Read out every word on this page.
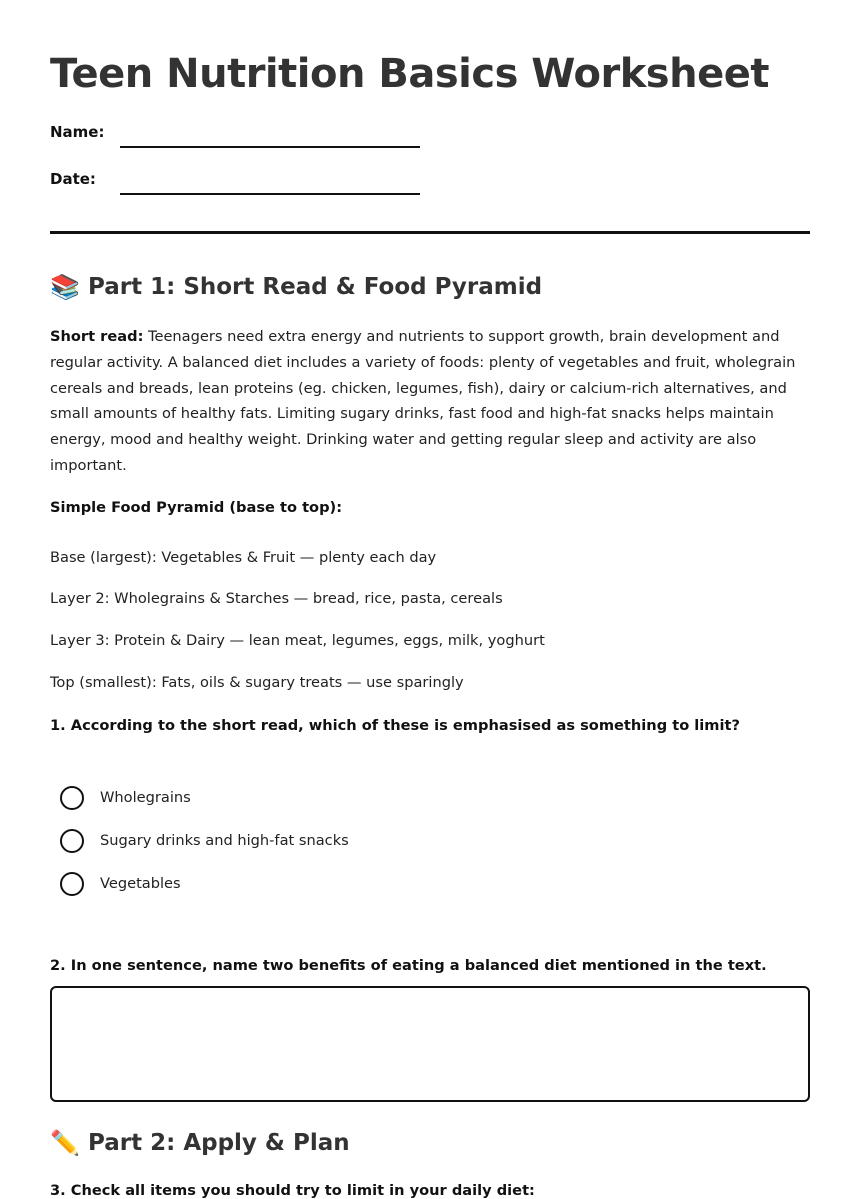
Teen Nutrition Basics Worksheet
Name:
Date:
📚 Part 1: Short Read & Food Pyramid

Short read: Teenagers need extra energy and nutrients to support growth, brain development and regular activity. A balanced diet includes a variety of foods: plenty of vegetables and fruit, wholegrain cereals and breads, lean proteins (eg. chicken, legumes, fish), dairy or calcium-rich alternatives, and small amounts of healthy fats. Limiting sugary drinks, fast food and high-fat snacks helps maintain energy, mood and healthy weight. Drinking water and getting regular sleep and activity are also important.

Simple Food Pyramid (base to top):

Base (largest): Vegetables & Fruit — plenty each day

Layer 2: Wholegrains & Starches — bread, rice, pasta, cereals

Layer 3: Protein & Dairy — lean meat, legumes, eggs, milk, yoghurt

Top (smallest): Fats, oils & sugary treats — use sparingly

1. According to the short read, which of these is emphasised as something to limit?

Wholegrains
Sugary drinks and high-fat snacks
Vegetables

2. In one sentence, name two benefits of eating a balanced diet mentioned in the text.

✏️ Part 2: Apply & Plan

3. Check all items you should try to limit in your daily diet:
